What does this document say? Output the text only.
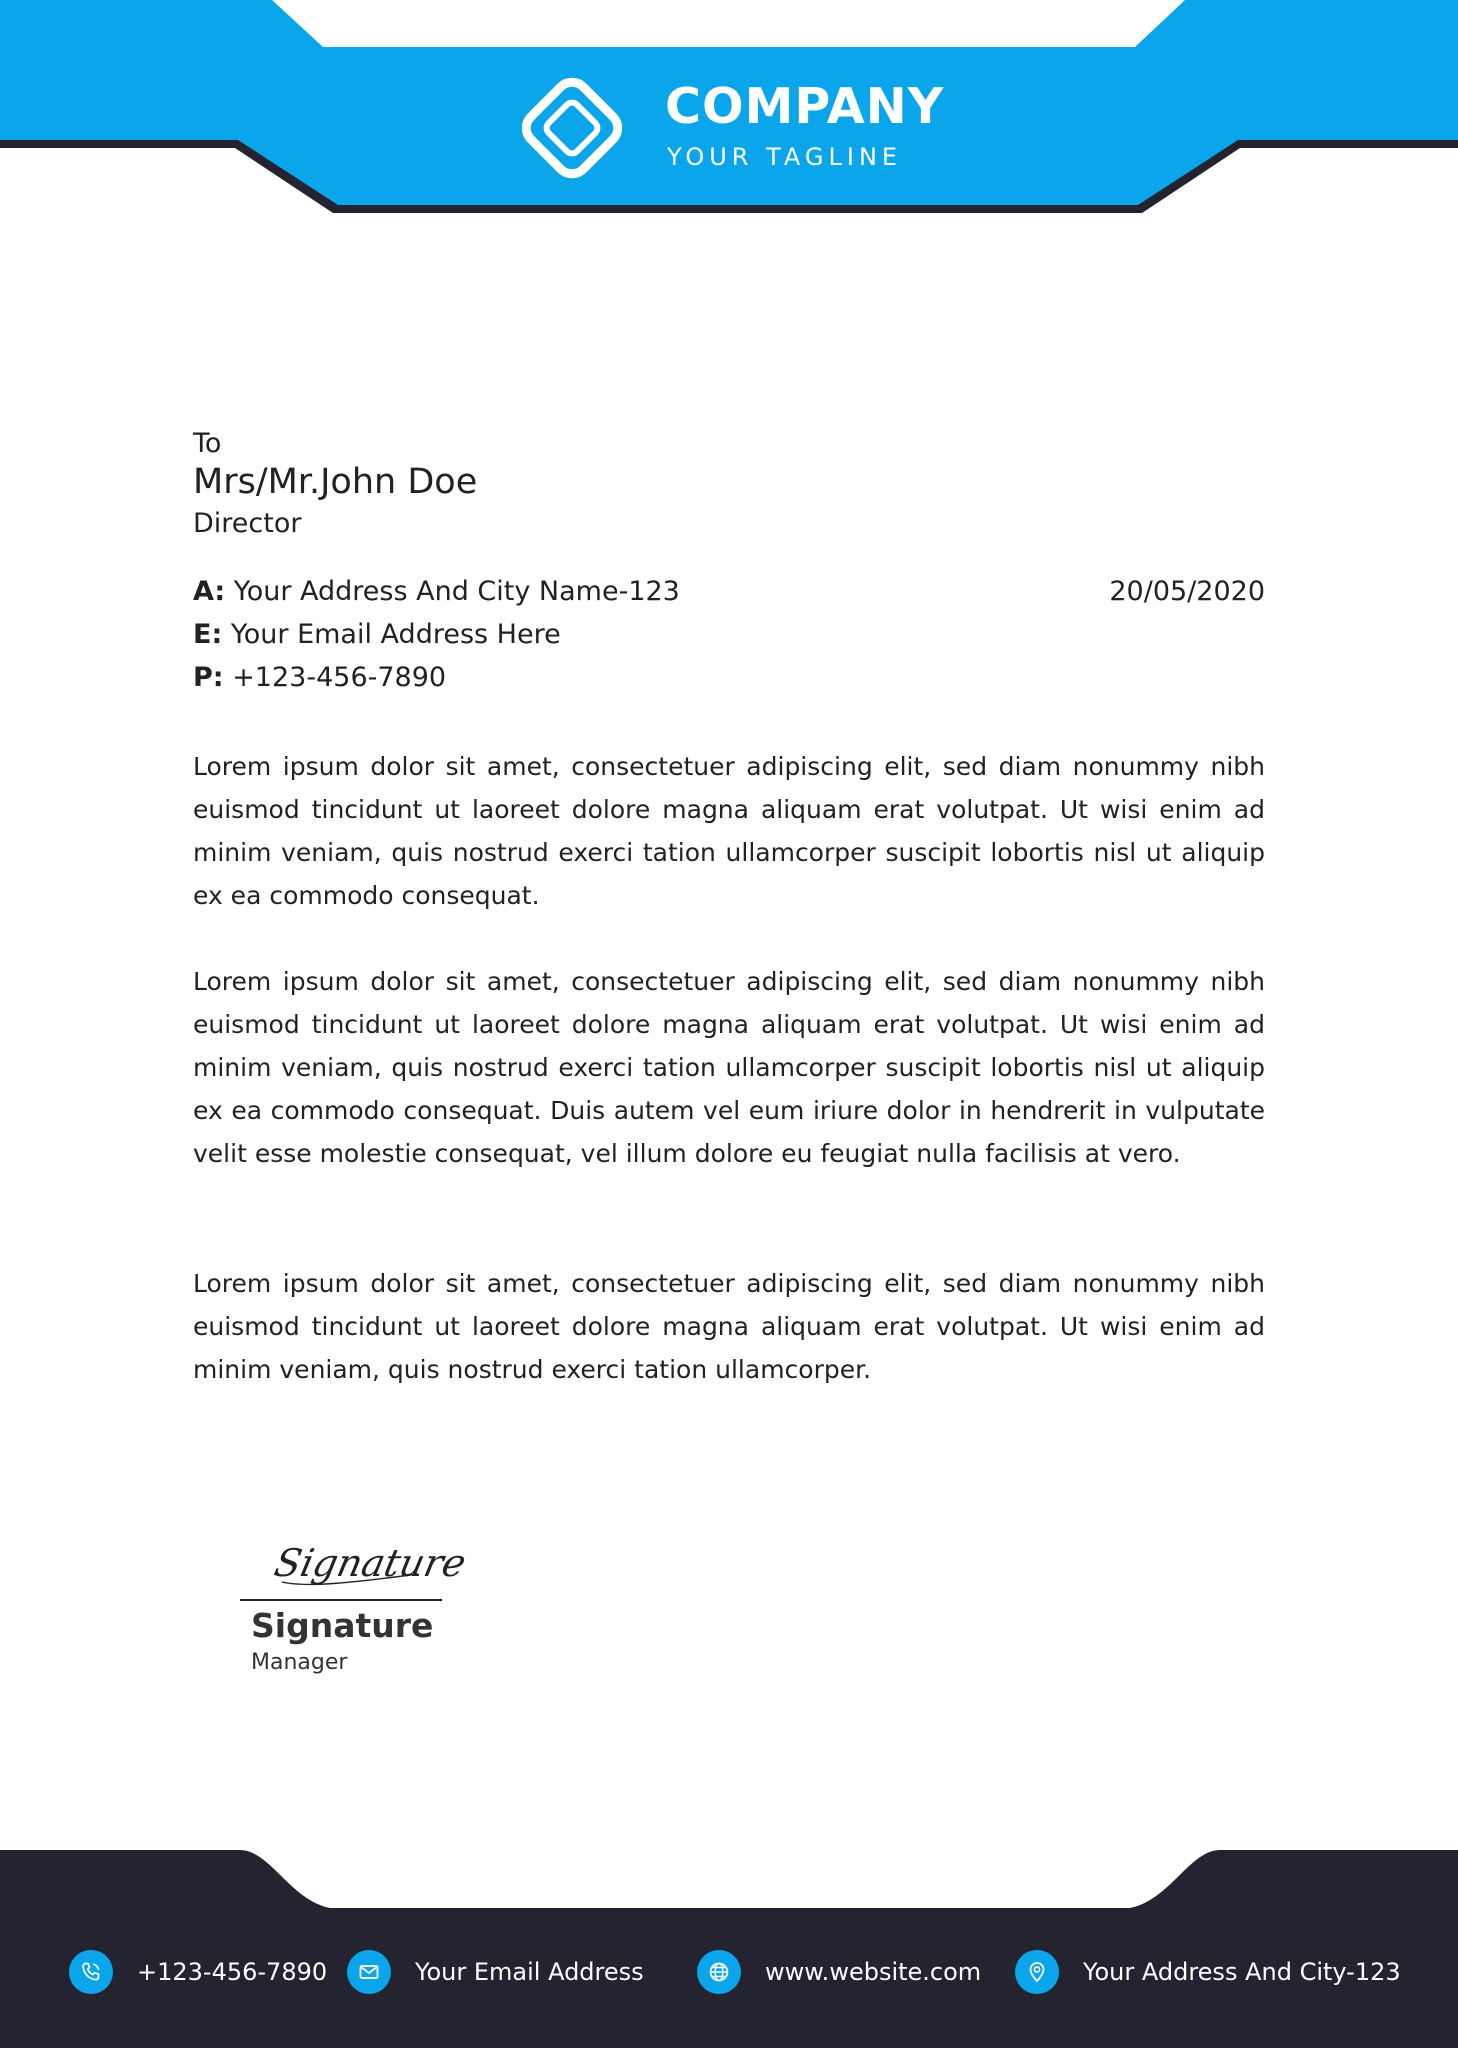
COMPANY
YOUR TAGLINE
To
Mrs/Mr.John Doe
Director
A: Your Address And City Name-123
E: Your Email Address Here
P: +123-456-7890
20/05/2020

Lorem ipsum dolor sit amet, consectetuer adipiscing elit, sed diam nonummy nibh euismod tincidunt ut laoreet dolore magna aliquam erat volutpat. Ut wisi enim ad minim veniam, quis nostrud exerci tation ullamcorper suscipit lobortis nisl ut aliquip ex ea commodo consequat.

Lorem ipsum dolor sit amet, consectetuer adipiscing elit, sed diam nonummy nibh euismod tincidunt ut laoreet dolore magna aliquam erat volutpat. Ut wisi enim ad minim veniam, quis nostrud exerci tation ullamcorper suscipit lobortis nisl ut aliquip ex ea commodo consequat. Duis autem vel eum iriure dolor in hendrerit in vulputate velit esse molestie consequat, vel illum dolore eu feugiat nulla facilisis at vero.

Lorem ipsum dolor sit amet, consectetuer adipiscing elit, sed diam nonummy nibh euismod tincidunt ut laoreet dolore magna aliquam erat volutpat. Ut wisi enim ad minim veniam, quis nostrud exerci tation ullamcorper.

Signature
Signature
Manager
+123-456-7890	Your Email Address	www.website.com	Your Address And City-123
